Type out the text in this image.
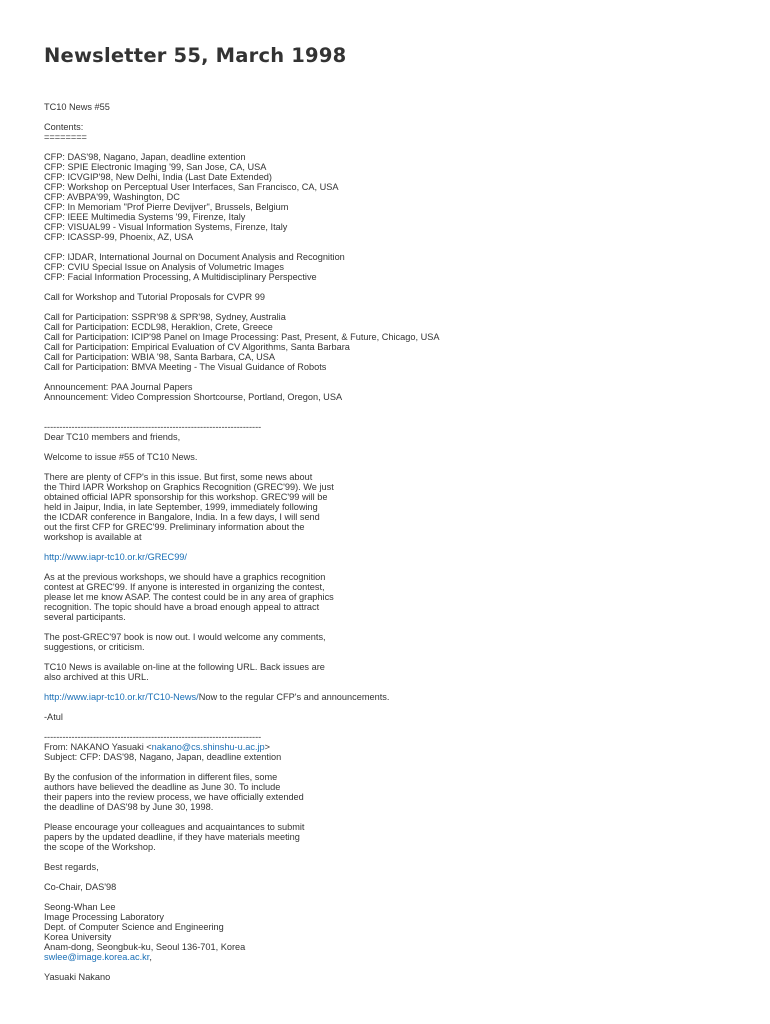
Newsletter 55, March 1998
TC10 News #55
Contents:
========
CFP: DAS'98, Nagano, Japan, deadline extention
CFP: SPIE Electronic Imaging '99, San Jose, CA, USA
CFP: ICVGIP'98, New Delhi, India (Last Date Extended)
CFP: Workshop on Perceptual User Interfaces, San Francisco, CA, USA
CFP: AVBPA'99, Washington, DC
CFP: In Memoriam "Prof Pierre Devijver", Brussels, Belgium
CFP: IEEE Multimedia Systems '99, Firenze, Italy
CFP: VISUAL99 - Visual Information Systems, Firenze, Italy
CFP: ICASSP-99, Phoenix, AZ, USA
CFP: IJDAR, International Journal on Document Analysis and Recognition
CFP: CVIU Special Issue on Analysis of Volumetric Images
CFP: Facial Information Processing, A Multidisciplinary Perspective
Call for Workshop and Tutorial Proposals for CVPR 99
Call for Participation: SSPR'98 & SPR'98, Sydney, Australia
Call for Participation: ECDL98, Heraklion, Crete, Greece
Call for Participation: ICIP'98 Panel on Image Processing: Past, Present, & Future, Chicago, USA
Call for Participation: Empirical Evaluation of CV Algorithms, Santa Barbara
Call for Participation: WBIA '98, Santa Barbara, CA, USA
Call for Participation: BMVA Meeting - The Visual Guidance of Robots
Announcement: PAA Journal Papers
Announcement: Video Compression Shortcourse, Portland, Oregon, USA
-----------------------------------------------------------------------
Dear TC10 members and friends,
Welcome to issue #55 of TC10 News.
There are plenty of CFP's in this issue. But first, some news about
the Third IAPR Workshop on Graphics Recognition (GREC'99). We just
obtained official IAPR sponsorship for this workshop. GREC'99 will be
held in Jaipur, India, in late September, 1999, immediately following
the ICDAR conference in Bangalore, India. In a few days, I will send
out the first CFP for GREC'99. Preliminary information about the
workshop is available at
http://www.iapr-tc10.or.kr/GREC99/
As at the previous workshops, we should have a graphics recognition
contest at GREC'99. If anyone is interested in organizing the contest,
please let me know ASAP. The contest could be in any area of graphics
recognition. The topic should have a broad enough appeal to attract
several participants.
The post-GREC'97 book is now out. I would welcome any comments,
suggestions, or criticism.
TC10 News is available on-line at the following URL. Back issues are
also archived at this URL.
http://www.iapr-tc10.or.kr/TC10-News/Now to the regular CFP's and announcements.
-Atul
-----------------------------------------------------------------------
From: NAKANO Yasuaki <nakano@cs.shinshu-u.ac.jp>
Subject: CFP: DAS'98, Nagano, Japan, deadline extention
By the confusion of the information in different files, some
authors have believed the deadline as June 30. To include
their papers into the review process, we have officially extended
the deadline of DAS'98 by June 30, 1998.
Please encourage your colleagues and acquaintances to submit
papers by the updated deadline, if they have materials meeting
the scope of the Workshop.
Best regards,
Co-Chair, DAS'98
Seong-Whan Lee
Image Processing Laboratory
Dept. of Computer Science and Engineering
Korea University
Anam-dong, Seongbuk-ku, Seoul 136-701, Korea
swlee@image.korea.ac.kr,
Yasuaki Nakano
